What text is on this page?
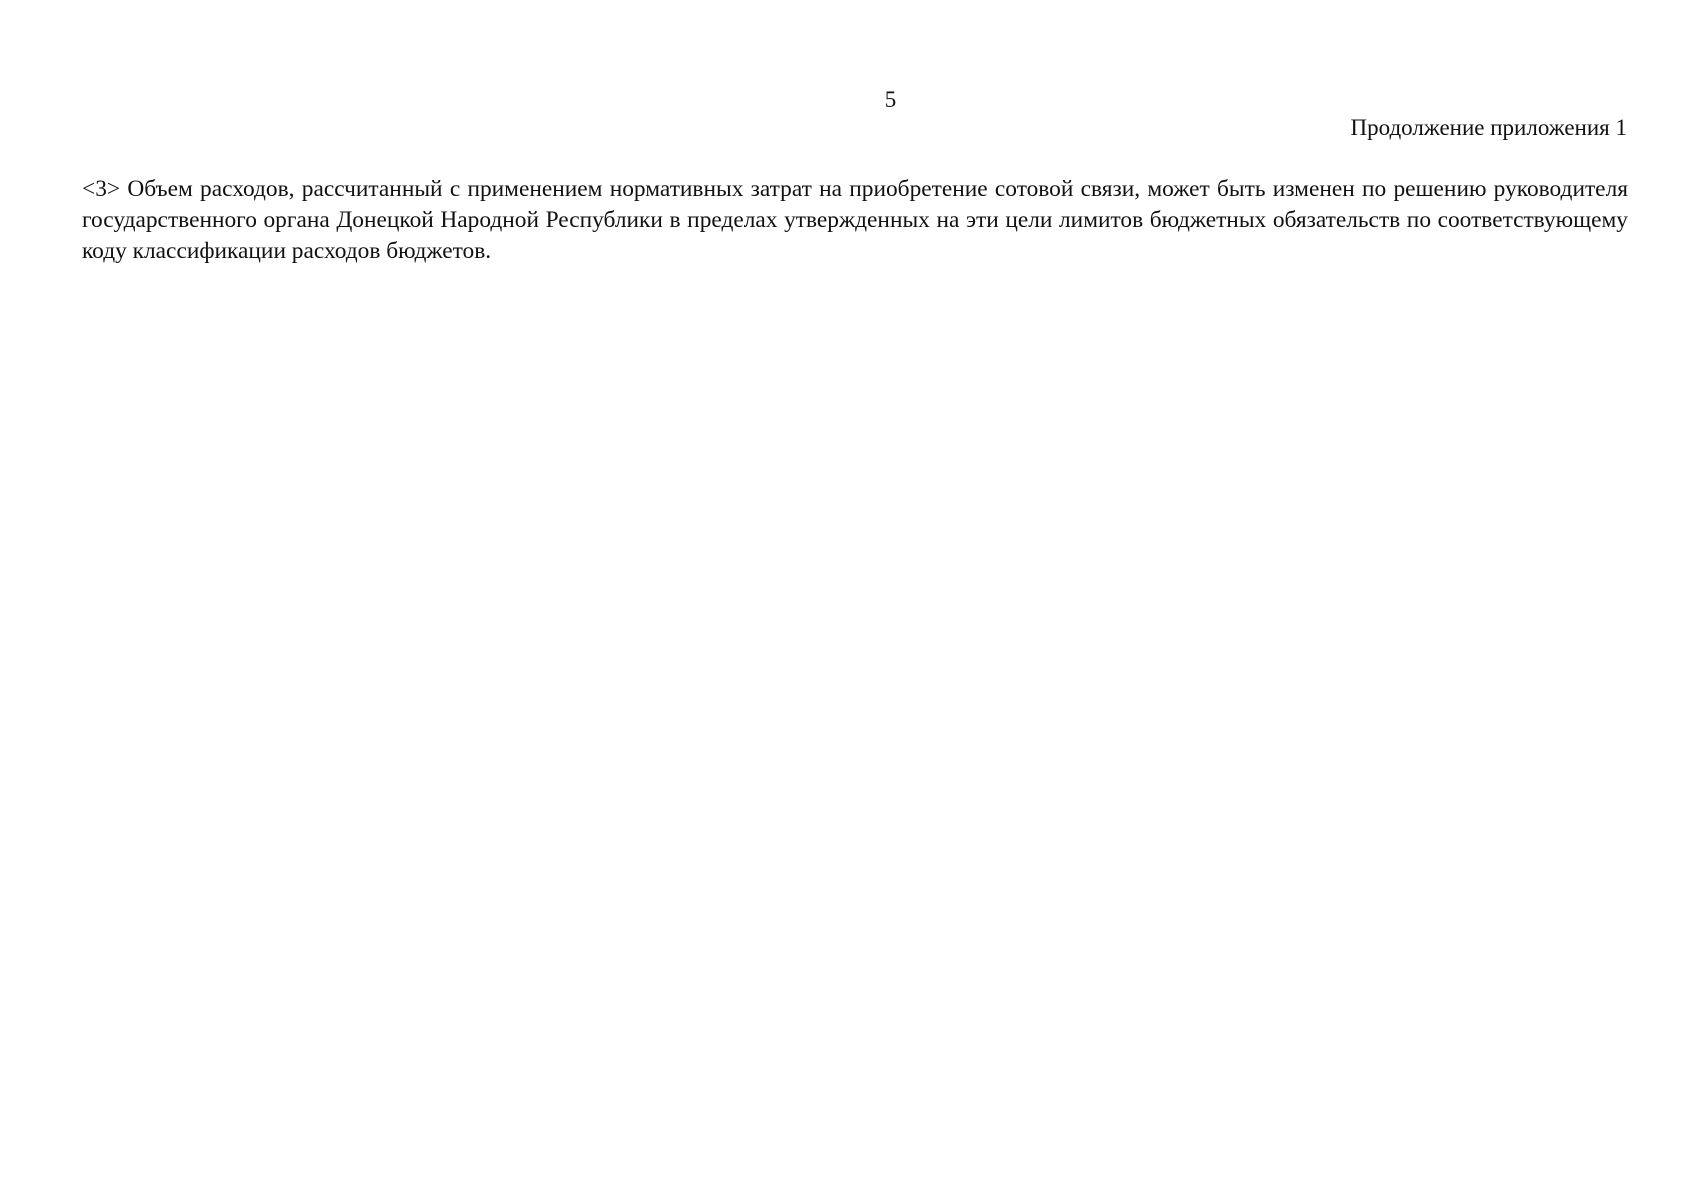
5
Продолжение приложения 1

<3> Объем расходов, рассчитанный с применением нормативных затрат на приобретение сотовой связи, может быть изменен по решению руководителя государственного органа Донецкой Народной Республики в пределах утвержденных на эти цели лимитов бюджетных обязательств по соответствующему коду классификации расходов бюджетов.
